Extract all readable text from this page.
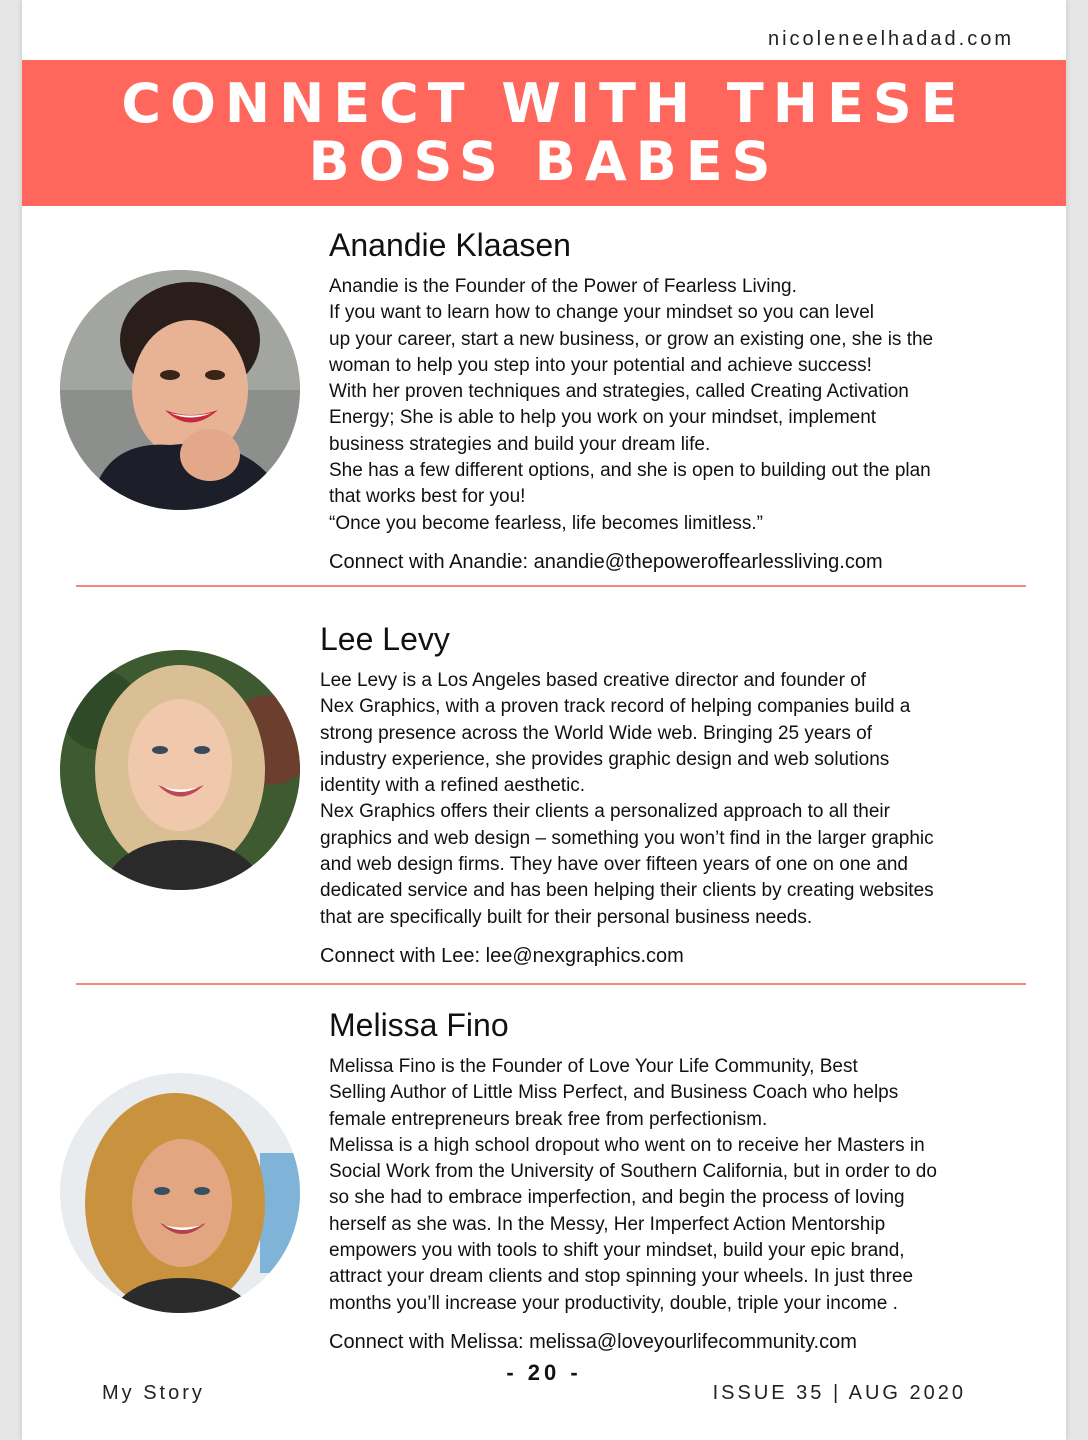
nicoleneelhadad.com
CONNECT WITH THESE
BOSS BABES
Anandie Klaasen

Anandie is the Founder of the Power of Fearless Living.

If you want to learn how to change your mindset so you can level

up your career, start a new business, or grow an existing one, she is the

woman to help you step into your potential and achieve success!

With her proven techniques and strategies, called Creating Activation

Energy; She is able to help you work on your mindset, implement

business strategies and build your dream life.

She has a few different options, and she is open to building out the plan

that works best for you!

“Once you become fearless, life becomes limitless.”

Connect with Anandie: anandie@thepoweroffearlessliving.com
Lee Levy

Lee Levy is a Los Angeles based creative director and founder of

Nex Graphics, with a proven track record of helping companies build a

strong presence across the World Wide web. Bringing 25 years of

industry experience, she provides graphic design and web solutions

identity with a refined aesthetic.

Nex Graphics offers their clients a personalized approach to all their

graphics and web design – something you won’t find in the larger graphic

and web design firms. They have over fifteen years of one on one and

dedicated service and has been helping their clients by creating websites

that are specifically built for their personal business needs.

Connect with Lee: lee@nexgraphics.com
Melissa Fino

Melissa Fino is the Founder of Love Your Life Community, Best

Selling Author of Little Miss Perfect, and Business Coach who helps

female entrepreneurs break free from perfectionism.

Melissa is a high school dropout who went on to receive her Masters in

Social Work from the University of Southern California, but in order to do

so she had to embrace imperfection, and begin the process of loving

herself as she was. In the Messy, Her Imperfect Action Mentorship

empowers you with tools to shift your mindset, build your epic brand,

attract your dream clients and stop spinning your wheels. In just three

months you’ll increase your productivity, double, triple your income .

Connect with Melissa: melissa@loveyourlifecommunity.com
- 20 -
My Story	ISSUE 35 | AUG 2020
